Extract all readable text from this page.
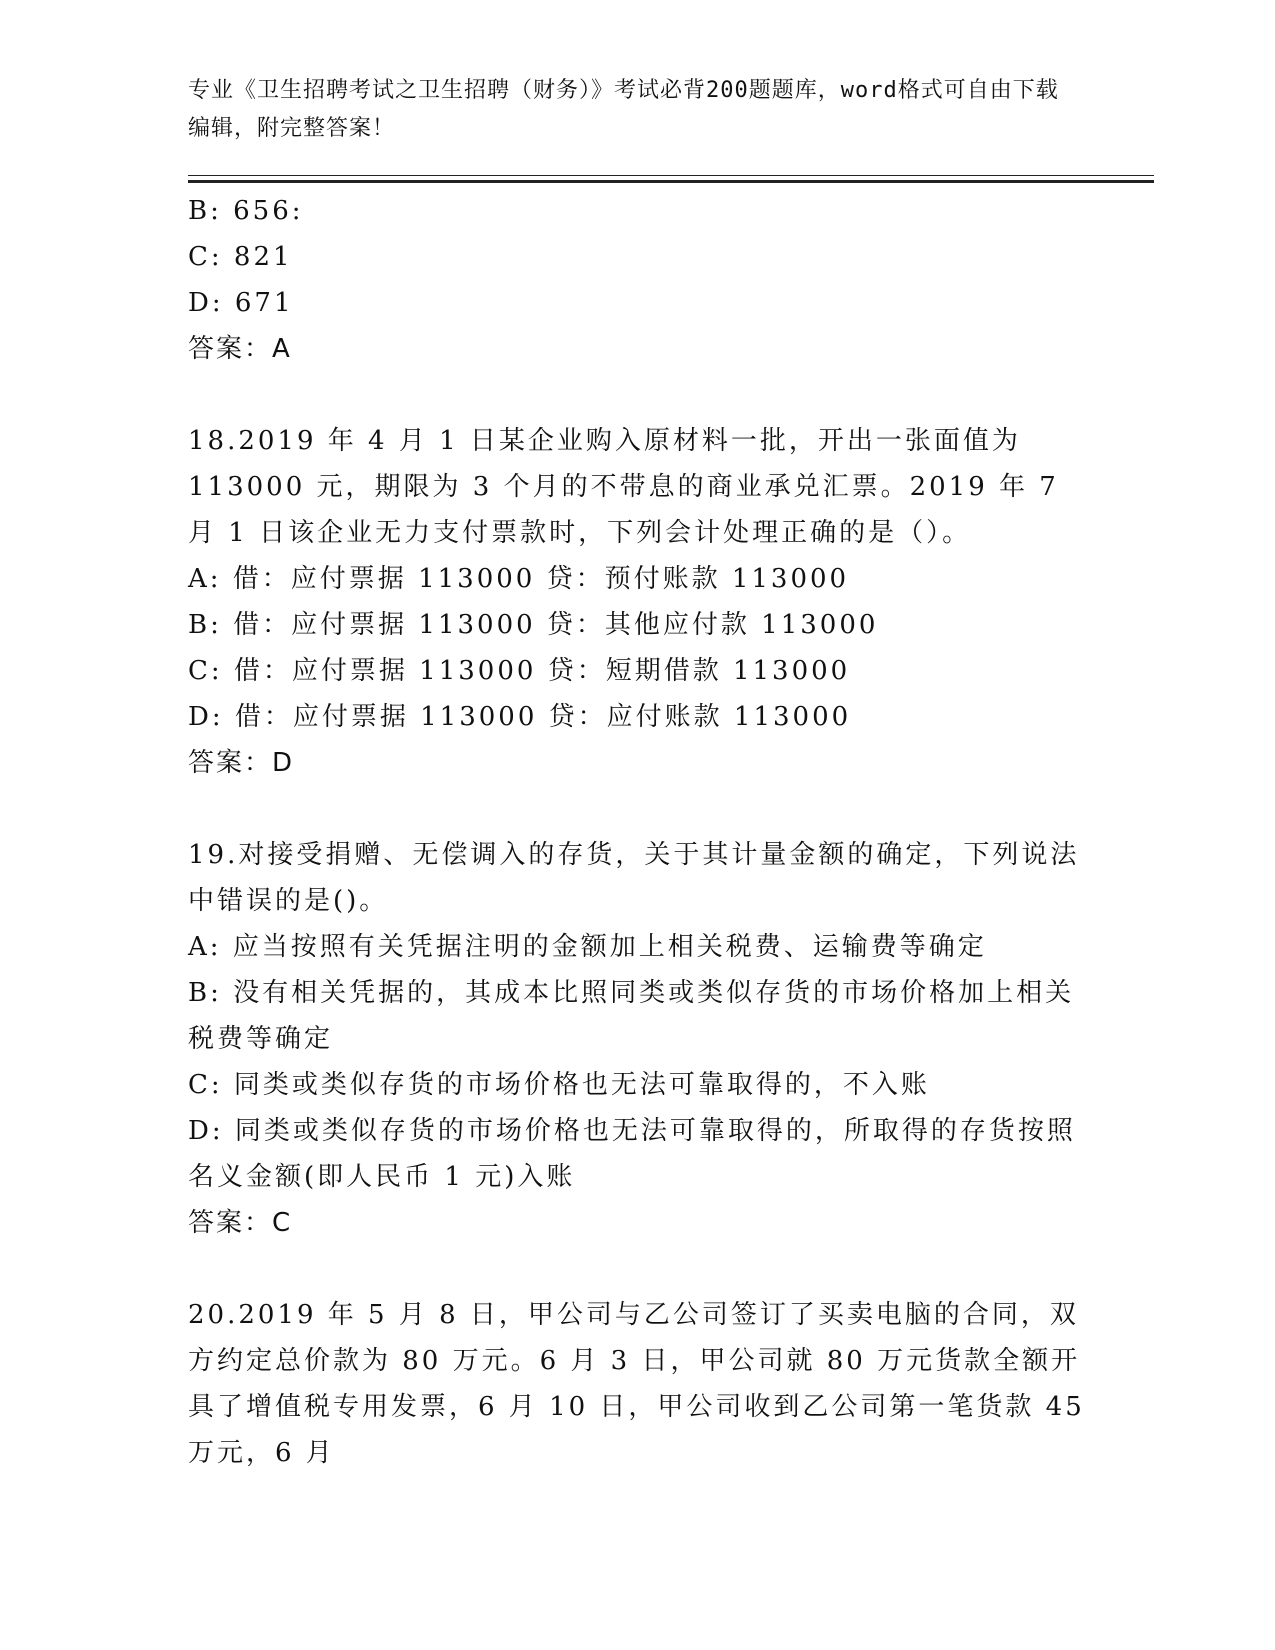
专业《卫生招聘考试之卫生招聘（财务）》考试必背200题题库，word格式可自由下载编辑，附完整答案！

B: 656:

C: 821

D: 671

答案：A

18.2019 年 4 月 1 日某企业购入原材料一批，开出一张面值为 113000 元，期限为 3 个月的不带息的商业承兑汇票。2019 年 7 月 1 日该企业无力支付票款时，下列会计处理正确的是（）。

A: 借：应付票据 113000 贷：预付账款 113000

B: 借：应付票据 113000 贷：其他应付款 113000

C: 借：应付票据 113000 贷：短期借款 113000

D: 借：应付票据 113000 贷：应付账款 113000

答案：D

19.对接受捐赠、无偿调入的存货，关于其计量金额的确定，下列说法中错误的是()。

A: 应当按照有关凭据注明的金额加上相关税费、运输费等确定

B: 没有相关凭据的，其成本比照同类或类似存货的市场价格加上相关税费等确定

C: 同类或类似存货的市场价格也无法可靠取得的，不入账

D: 同类或类似存货的市场价格也无法可靠取得的，所取得的存货按照名义金额(即人民币 1 元)入账

答案：C

20.2019 年 5 月 8 日，甲公司与乙公司签订了买卖电脑的合同，双方约定总价款为 80 万元。6 月 3 日，甲公司就 80 万元货款全额开具了增值税专用发票，6 月 10 日，甲公司收到乙公司第一笔货款 45 万元，6 月
